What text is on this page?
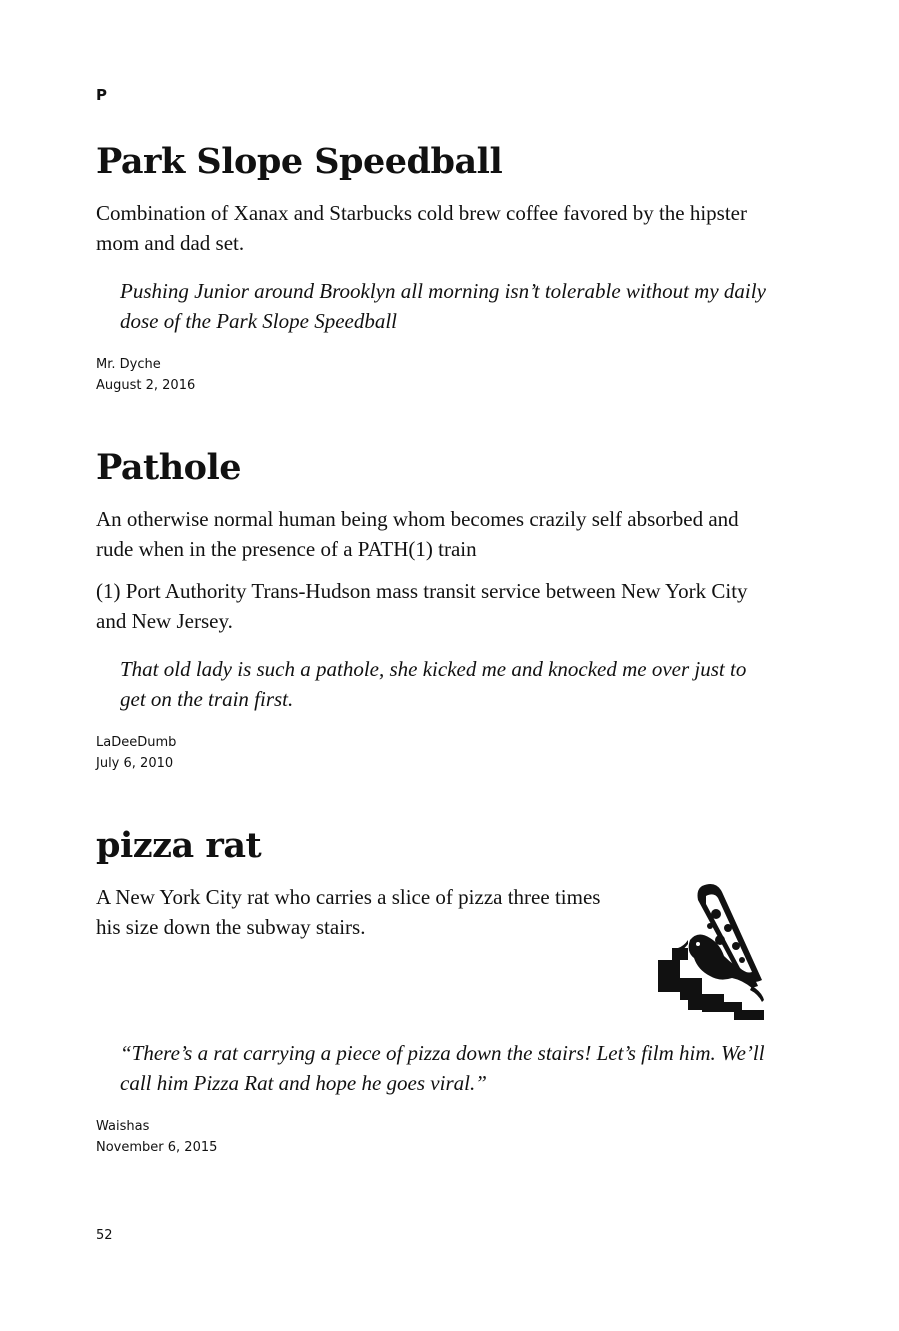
P

Park Slope Speedball

Combination of Xanax and Starbucks cold brew coffee favored by the hipster mom and dad set.

Pushing Junior around Brooklyn all morning isn’t tolerable without my daily dose of the Park Slope Speedball

Mr. Dyche

August 2, 2016

Pathole

An otherwise normal human being whom becomes crazily self absorbed and rude when in the presence of a PATH(1) train

(1) Port Authority Trans-Hudson mass transit service between New York City and New Jersey.

That old lady is such a pathole, she kicked me and knocked me over just to get on the train first.

LaDeeDumb

July 6, 2010

pizza rat

A New York City rat who carries a slice of pizza three times his size down the subway stairs.

“There’s a rat carrying a piece of pizza down the stairs! Let’s film him. We’ll call him Pizza Rat and hope he goes viral.”

Waishas

November 6, 2015

52
